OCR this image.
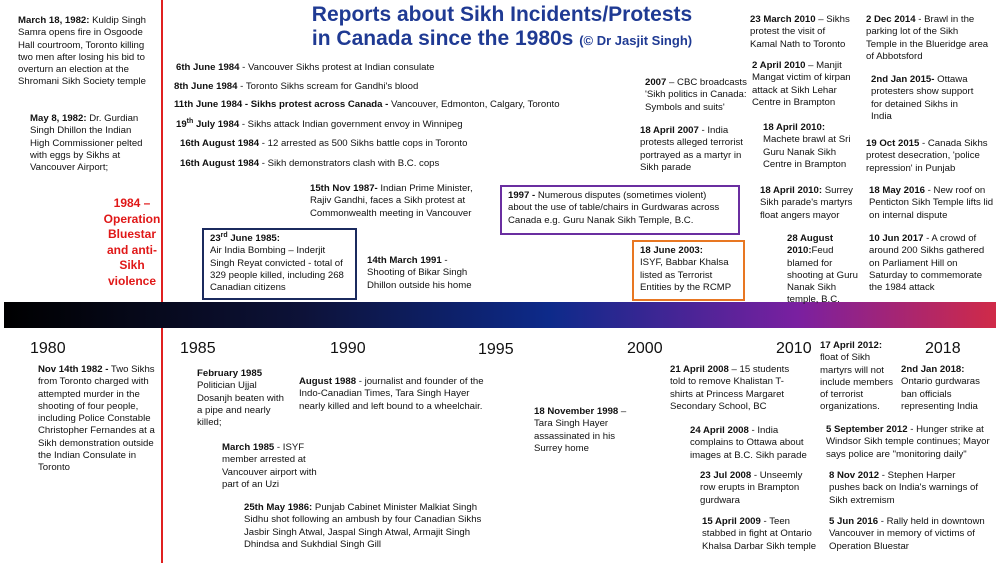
Reports about Sikh Incidents/Protests
in Canada since the 1980s (© Dr Jasjit Singh)
1984 – Operation Bluestar and anti-Sikh violence
1980	1985	1990	1995	2000	2010	2018
March 18, 1982: Kuldip Singh Samra opens fire in Osgoode Hall courtroom, Toronto killing two men after losing his bid to overturn an election at the Shromani Sikh Society temple
May 8, 1982: Dr. Gurdian Singh Dhillon the Indian High Commissioner pelted with eggs by Sikhs at Vancouver Airport;
Nov 14th 1982 - Two Sikhs from Toronto charged with attempted murder in the shooting of four people, including Police Constable Christopher Fernandes at a Sikh demonstration outside the Indian Consulate in Toronto
6th June 1984 - Vancouver Sikhs protest at Indian consulate
8th June 1984 - Toronto Sikhs scream for Gandhi's blood
11th June 1984 - Sikhs protest across Canada - Vancouver, Edmonton, Calgary, Toronto
19th July 1984 - Sikhs attack Indian government envoy in Winnipeg
16th August 1984 - 12 arrested as 500 Sikhs battle cops in Toronto
16th August 1984 - Sikh demonstrators clash with B.C. cops
15th Nov 1987- Indian Prime Minister, Rajiv Gandhi, faces a Sikh protest at Commonwealth meeting in Vancouver
23rd June 1985:
Air India Bombing – Inderjit Singh Reyat convicted - total of 329 people killed, including 268 Canadian citizens
14th March 1991 - Shooting of Bikar Singh Dhillon outside his home
February 1985
Politician Ujjal Dosanjh beaten with a pipe and nearly killed;
March 1985 - ISYF member arrested at Vancouver airport with part of an Uzi
25th May 1986: Punjab Cabinet Minister Malkiat Singh Sidhu shot following an ambush by four Canadian Sikhs Jasbir Singh Atwal, Jaspal Singh Atwal, Armajit Singh Dhindsa and Sukhdial Singh Gill
August 1988 - journalist and founder of the Indo-Canadian Times, Tara Singh Hayer nearly killed and left bound to a wheelchair.	18 November 1998 – Tara Singh Hayer assassinated in his Surrey home
1997 - Numerous disputes (sometimes violent) about the use of table/chairs in Gurdwaras across Canada e.g. Guru Nanak Sikh Temple, B.C.
18 June 2003:
ISYF, Babbar Khalsa listed as Terrorist Entities by the RCMP
2007 – CBC broadcasts 'Sikh politics in Canada: Symbols and suits'
18 April 2007 - India protests alleged terrorist portrayed as a martyr in Sikh parade
23 March 2010 – Sikhs protest the visit of Kamal Nath to Toronto
2 April 2010 – Manjit Mangat victim of kirpan attack at Sikh Lehar Centre in Brampton
18 April 2010:
Machete brawl at Sri Guru Nanak Sikh Centre in Brampton
18 April 2010: Surrey Sikh parade's martyrs float angers mayor
28 August 2010:Feud blamed for shooting at Guru Nanak Sikh temple, B.C.
2 Dec 2014 - Brawl in the parking lot of the Sikh Temple in the Blueridge area of Abbotsford
2nd Jan 2015- Ottawa protesters show support for detained Sikhs in India
19 Oct 2015 - Canada Sikhs protest desecration, 'police repression' in Punjab
18 May 2016 - New roof on Penticton Sikh Temple lifts lid on internal dispute
10 Jun 2017 - A crowd of around 200 Sikhs gathered on Parliament Hill on Saturday to commemorate the 1984 attack
21 April 2008 – 15 students told to remove Khalistan T-shirts at Princess Margaret Secondary School, BC
24 April 2008 - India complains to Ottawa about images at B.C. Sikh parade
23 Jul 2008 - Unseemly row erupts in Brampton gurdwara
15 April 2009 - Teen stabbed in fight at Ontario Khalsa Darbar Sikh temple
17 April 2012: float of Sikh martyrs will not include members of terrorist organizations.
2nd Jan 2018: Ontario gurdwaras ban officials representing India
5 September 2012 - Hunger strike at Windsor Sikh temple continues; Mayor says police are "monitoring daily"
8 Nov 2012 - Stephen Harper pushes back on India's warnings of Sikh extremism
5 Jun 2016 - Rally held in downtown Vancouver in memory of victims of Operation Bluestar
